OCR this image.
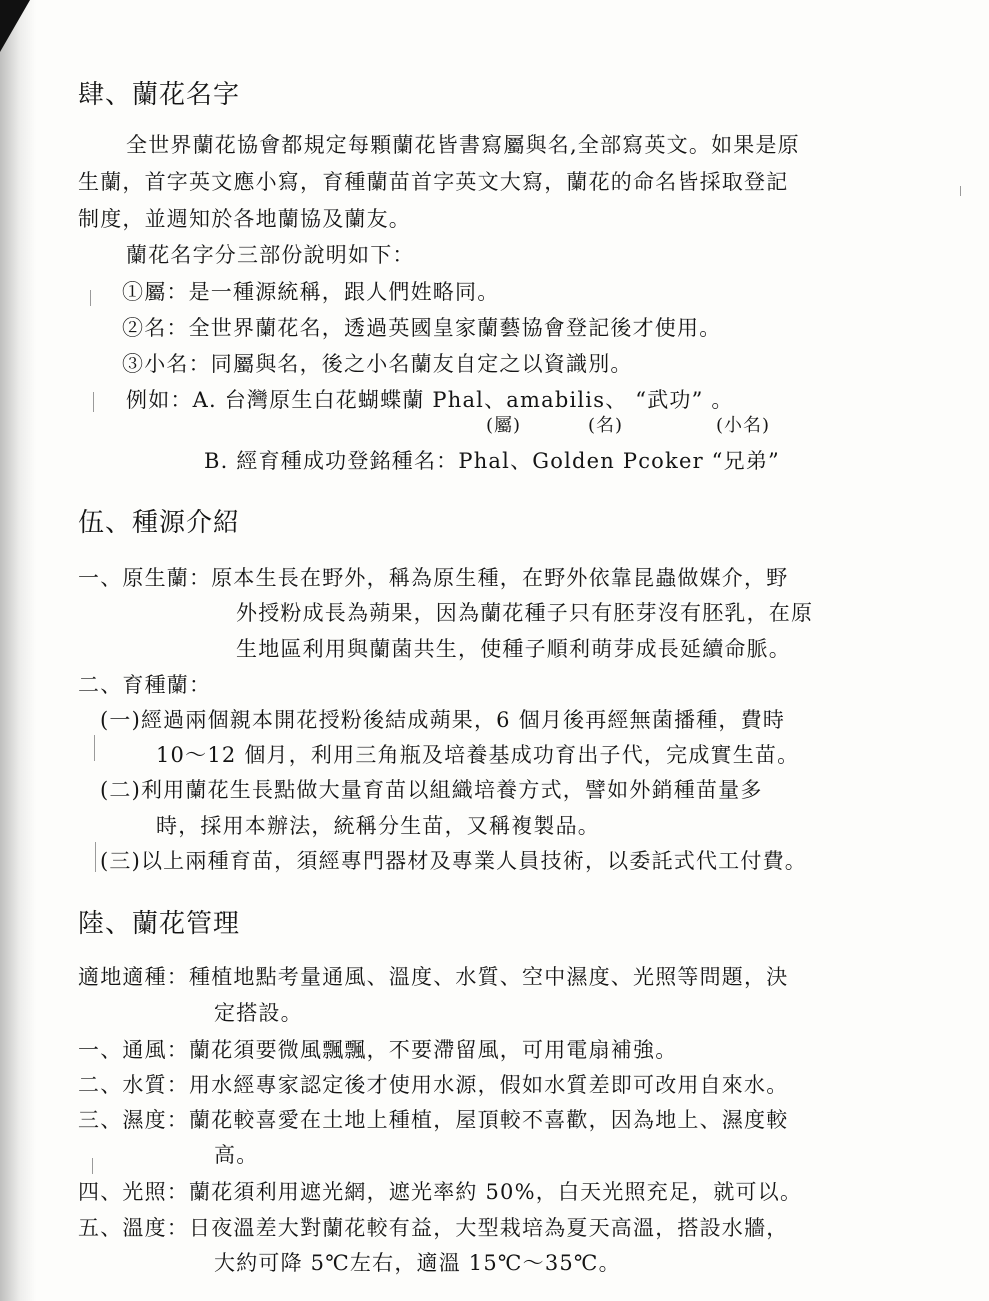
肆、蘭花名字
全世界蘭花協會都規定每顆蘭花皆書寫屬與名,全部寫英文。如果是原
生蘭，首字英文應小寫，育種蘭苗首字英文大寫，蘭花的命名皆採取登記
制度，並週知於各地蘭協及蘭友。
蘭花名字分三部份說明如下：
①屬：是一種源統稱，跟人們姓略同。
②名：全世界蘭花名，透過英國皇家蘭藝協會登記後才使用。
③小名：同屬與名，後之小名蘭友自定之以資識別。
例如：A. 台灣原生白花蝴蝶蘭 Phal、amabilis、 “武功” 。
(屬)	(名)	(小名)
B. 經育種成功登銘種名：Phal、Golden Pcoker “兄弟”
伍、種源介紹
一、原生蘭：原本生長在野外，稱為原生種，在野外依靠昆蟲做媒介，野
外授粉成長為蒴果，因為蘭花種子只有胚芽沒有胚乳，在原
生地區利用與蘭菌共生，使種子順利萌芽成長延續命脈。
二、育種蘭：
(一)經過兩個親本開花授粉後結成蒴果，6 個月後再經無菌播種，費時
10～12 個月，利用三角瓶及培養基成功育出子代，完成實生苗。
(二)利用蘭花生長點做大量育苗以組織培養方式，譬如外銷種苗量多
時，採用本辦法，統稱分生苗，又稱複製品。
(三)以上兩種育苗，須經專門器材及專業人員技術，以委託式代工付費。
陸、蘭花管理
適地適種：種植地點考量通風、溫度、水質、空中濕度、光照等問題，決
定搭設。
一、通風：蘭花須要微風飄飄，不要滯留風，可用電扇補強。
二、水質：用水經專家認定後才使用水源，假如水質差即可改用自來水。
三、濕度：蘭花較喜愛在土地上種植，屋頂較不喜歡，因為地上、濕度較
高。
四、光照：蘭花須利用遮光網，遮光率約 50%，白天光照充足，就可以。
五、溫度：日夜溫差大對蘭花較有益，大型栽培為夏天高溫，搭設水牆，
大約可降 5℃左右，適溫 15℃～35℃。
